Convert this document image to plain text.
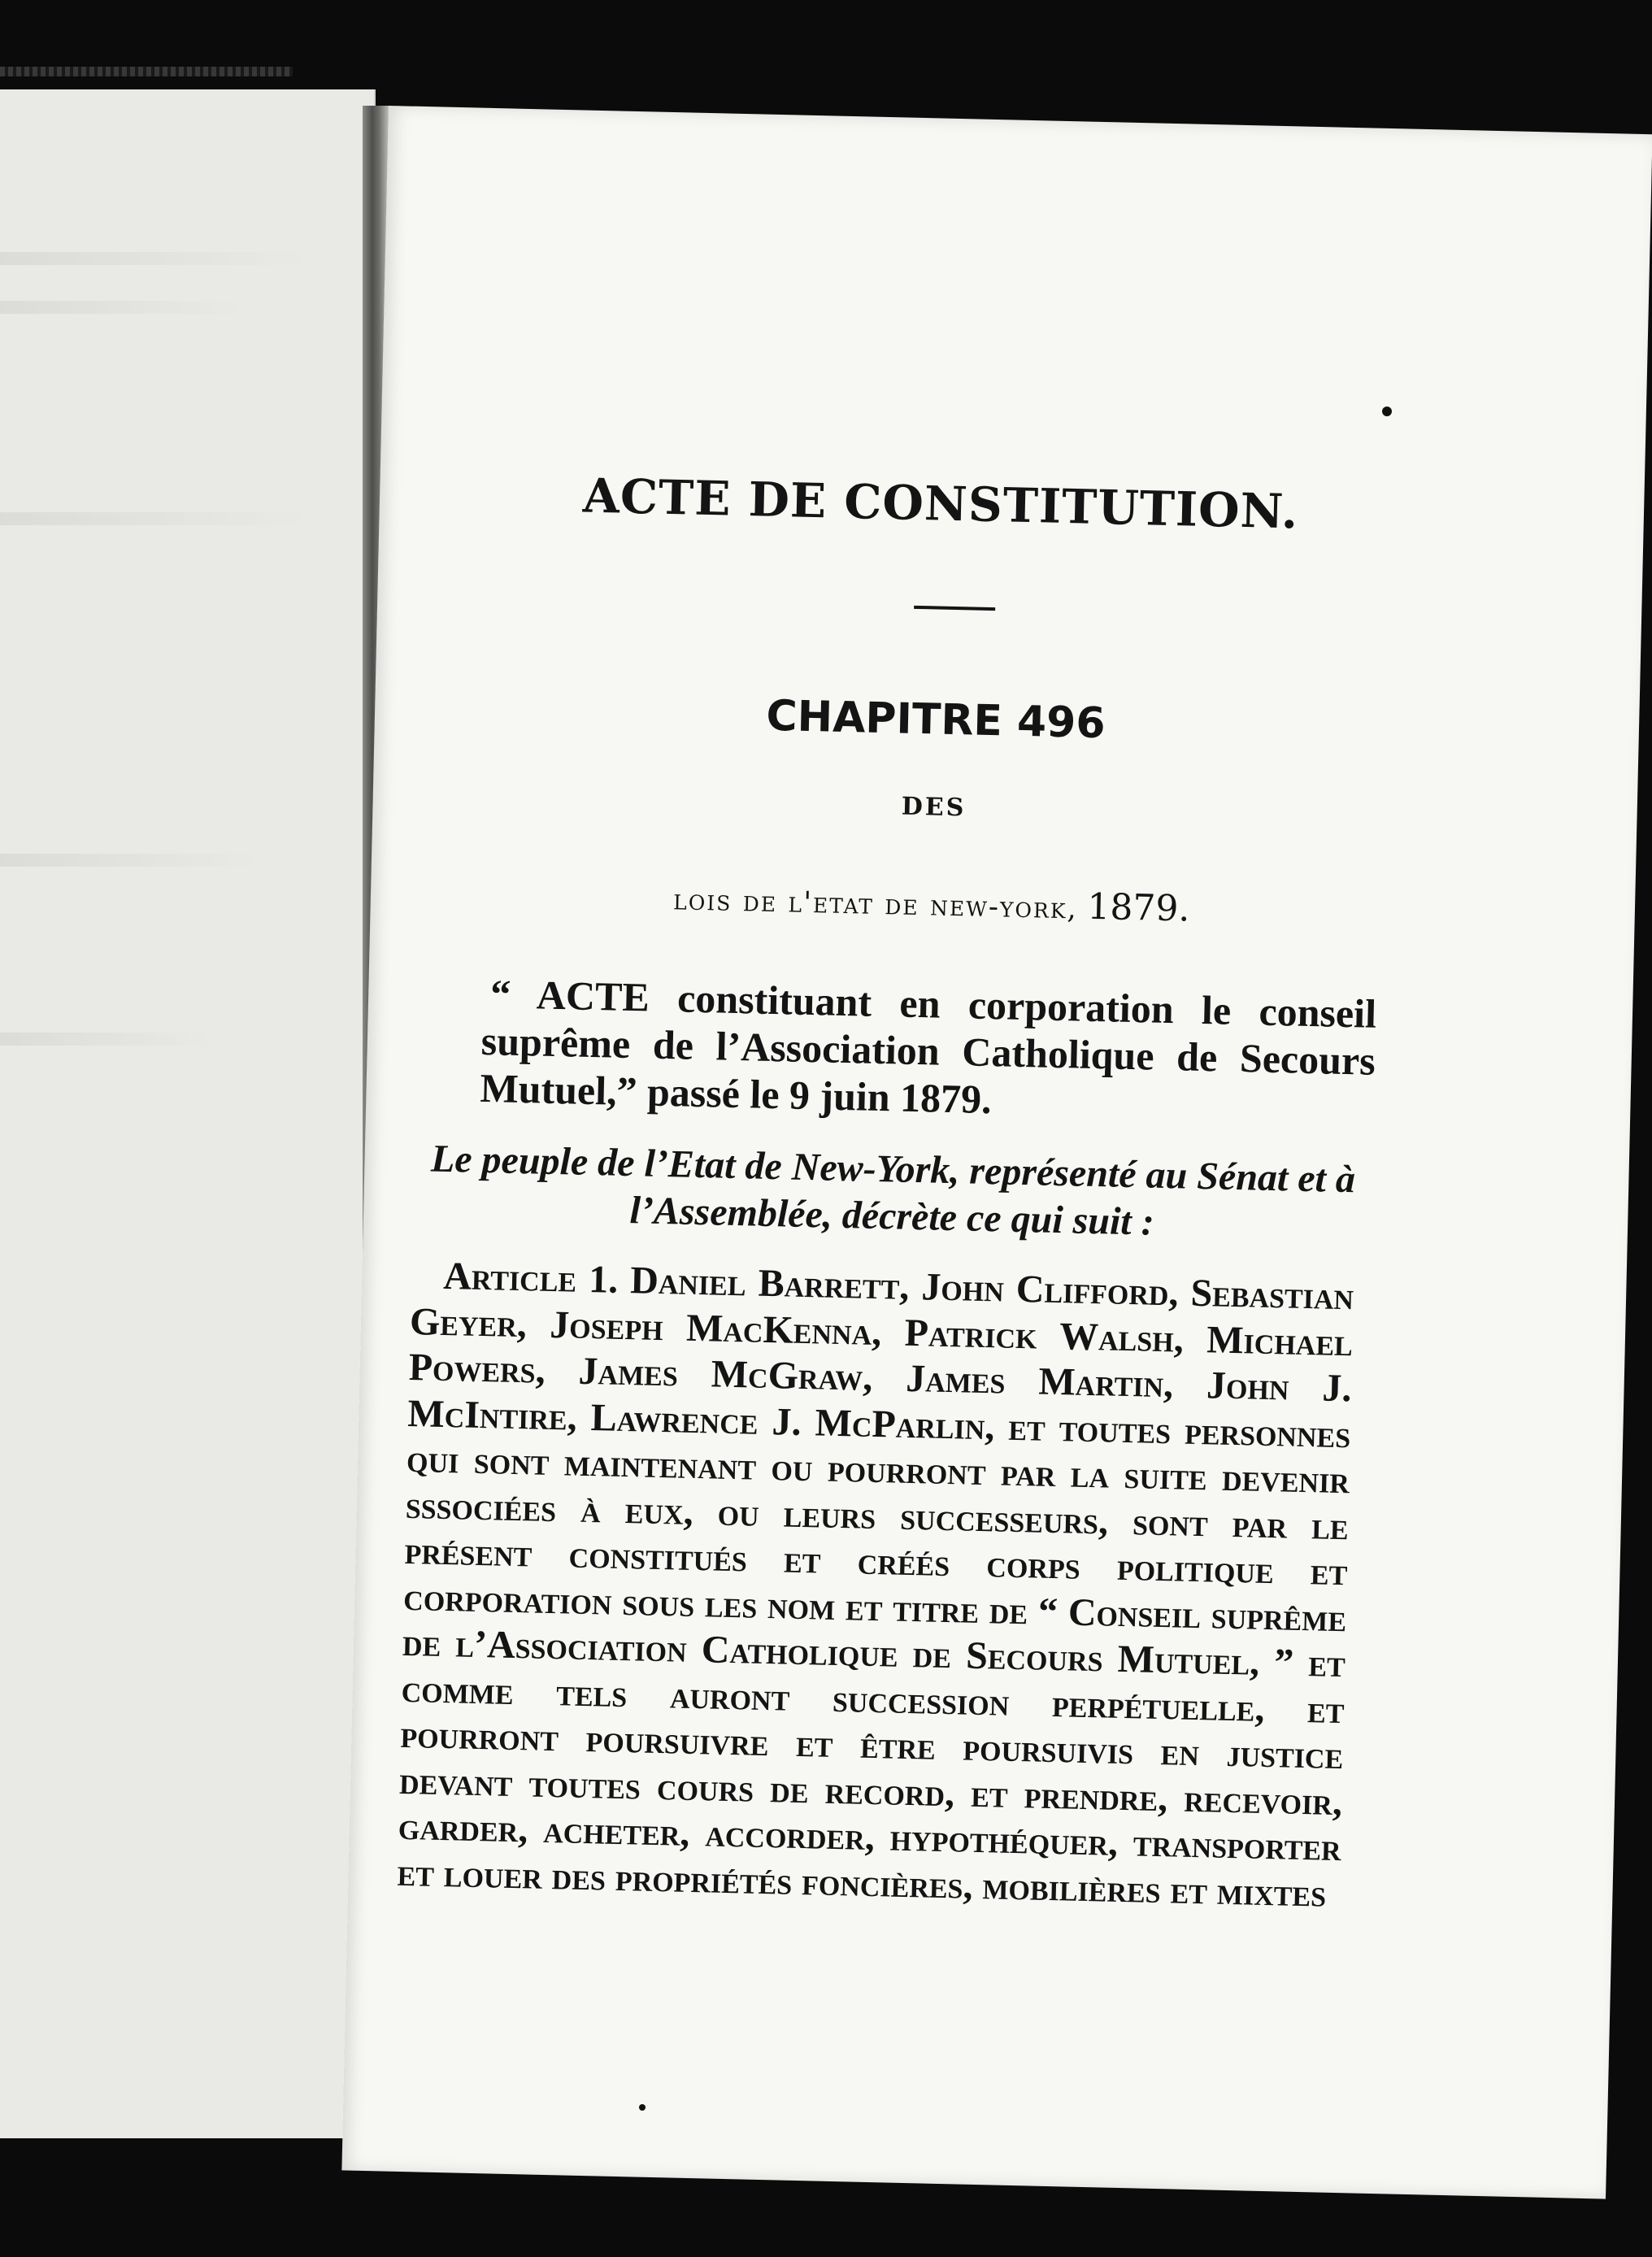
ACTE DE CONSTITUTION.
CHAPITRE 496
DES
lois de l'etat de new-york, 1879.
“ ACTE constituant en corporation le conseil suprême de l’Association Catholique de Secours Mutuel,” passé le 9 juin 1879.
Le peuple de l’Etat de New-York, représenté au Sénat et à l’Assemblée, décrète ce qui suit :
Article 1. Daniel Barrett, John Clifford, Sebastian Geyer, Joseph MacKenna, Patrick Walsh, Michael Powers, James McGraw, James Martin, John J. McIntire, Lawrence J. McParlin, et toutes personnes qui sont maintenant ou pourront par la suite devenir sssociées à eux, ou leurs successeurs, sont par le présent constitués et créés corps politique et corporation sous les nom et titre de “ Conseil suprême de l’Association Catholique de Secours Mutuel, ” et comme tels auront succession perpétuelle, et pourront poursuivre et être poursuivis en justice devant toutes cours de record, et prendre, recevoir, garder, acheter, accorder, hypothéquer, transporter et louer des propriétés foncières, mobilières et mixtes
